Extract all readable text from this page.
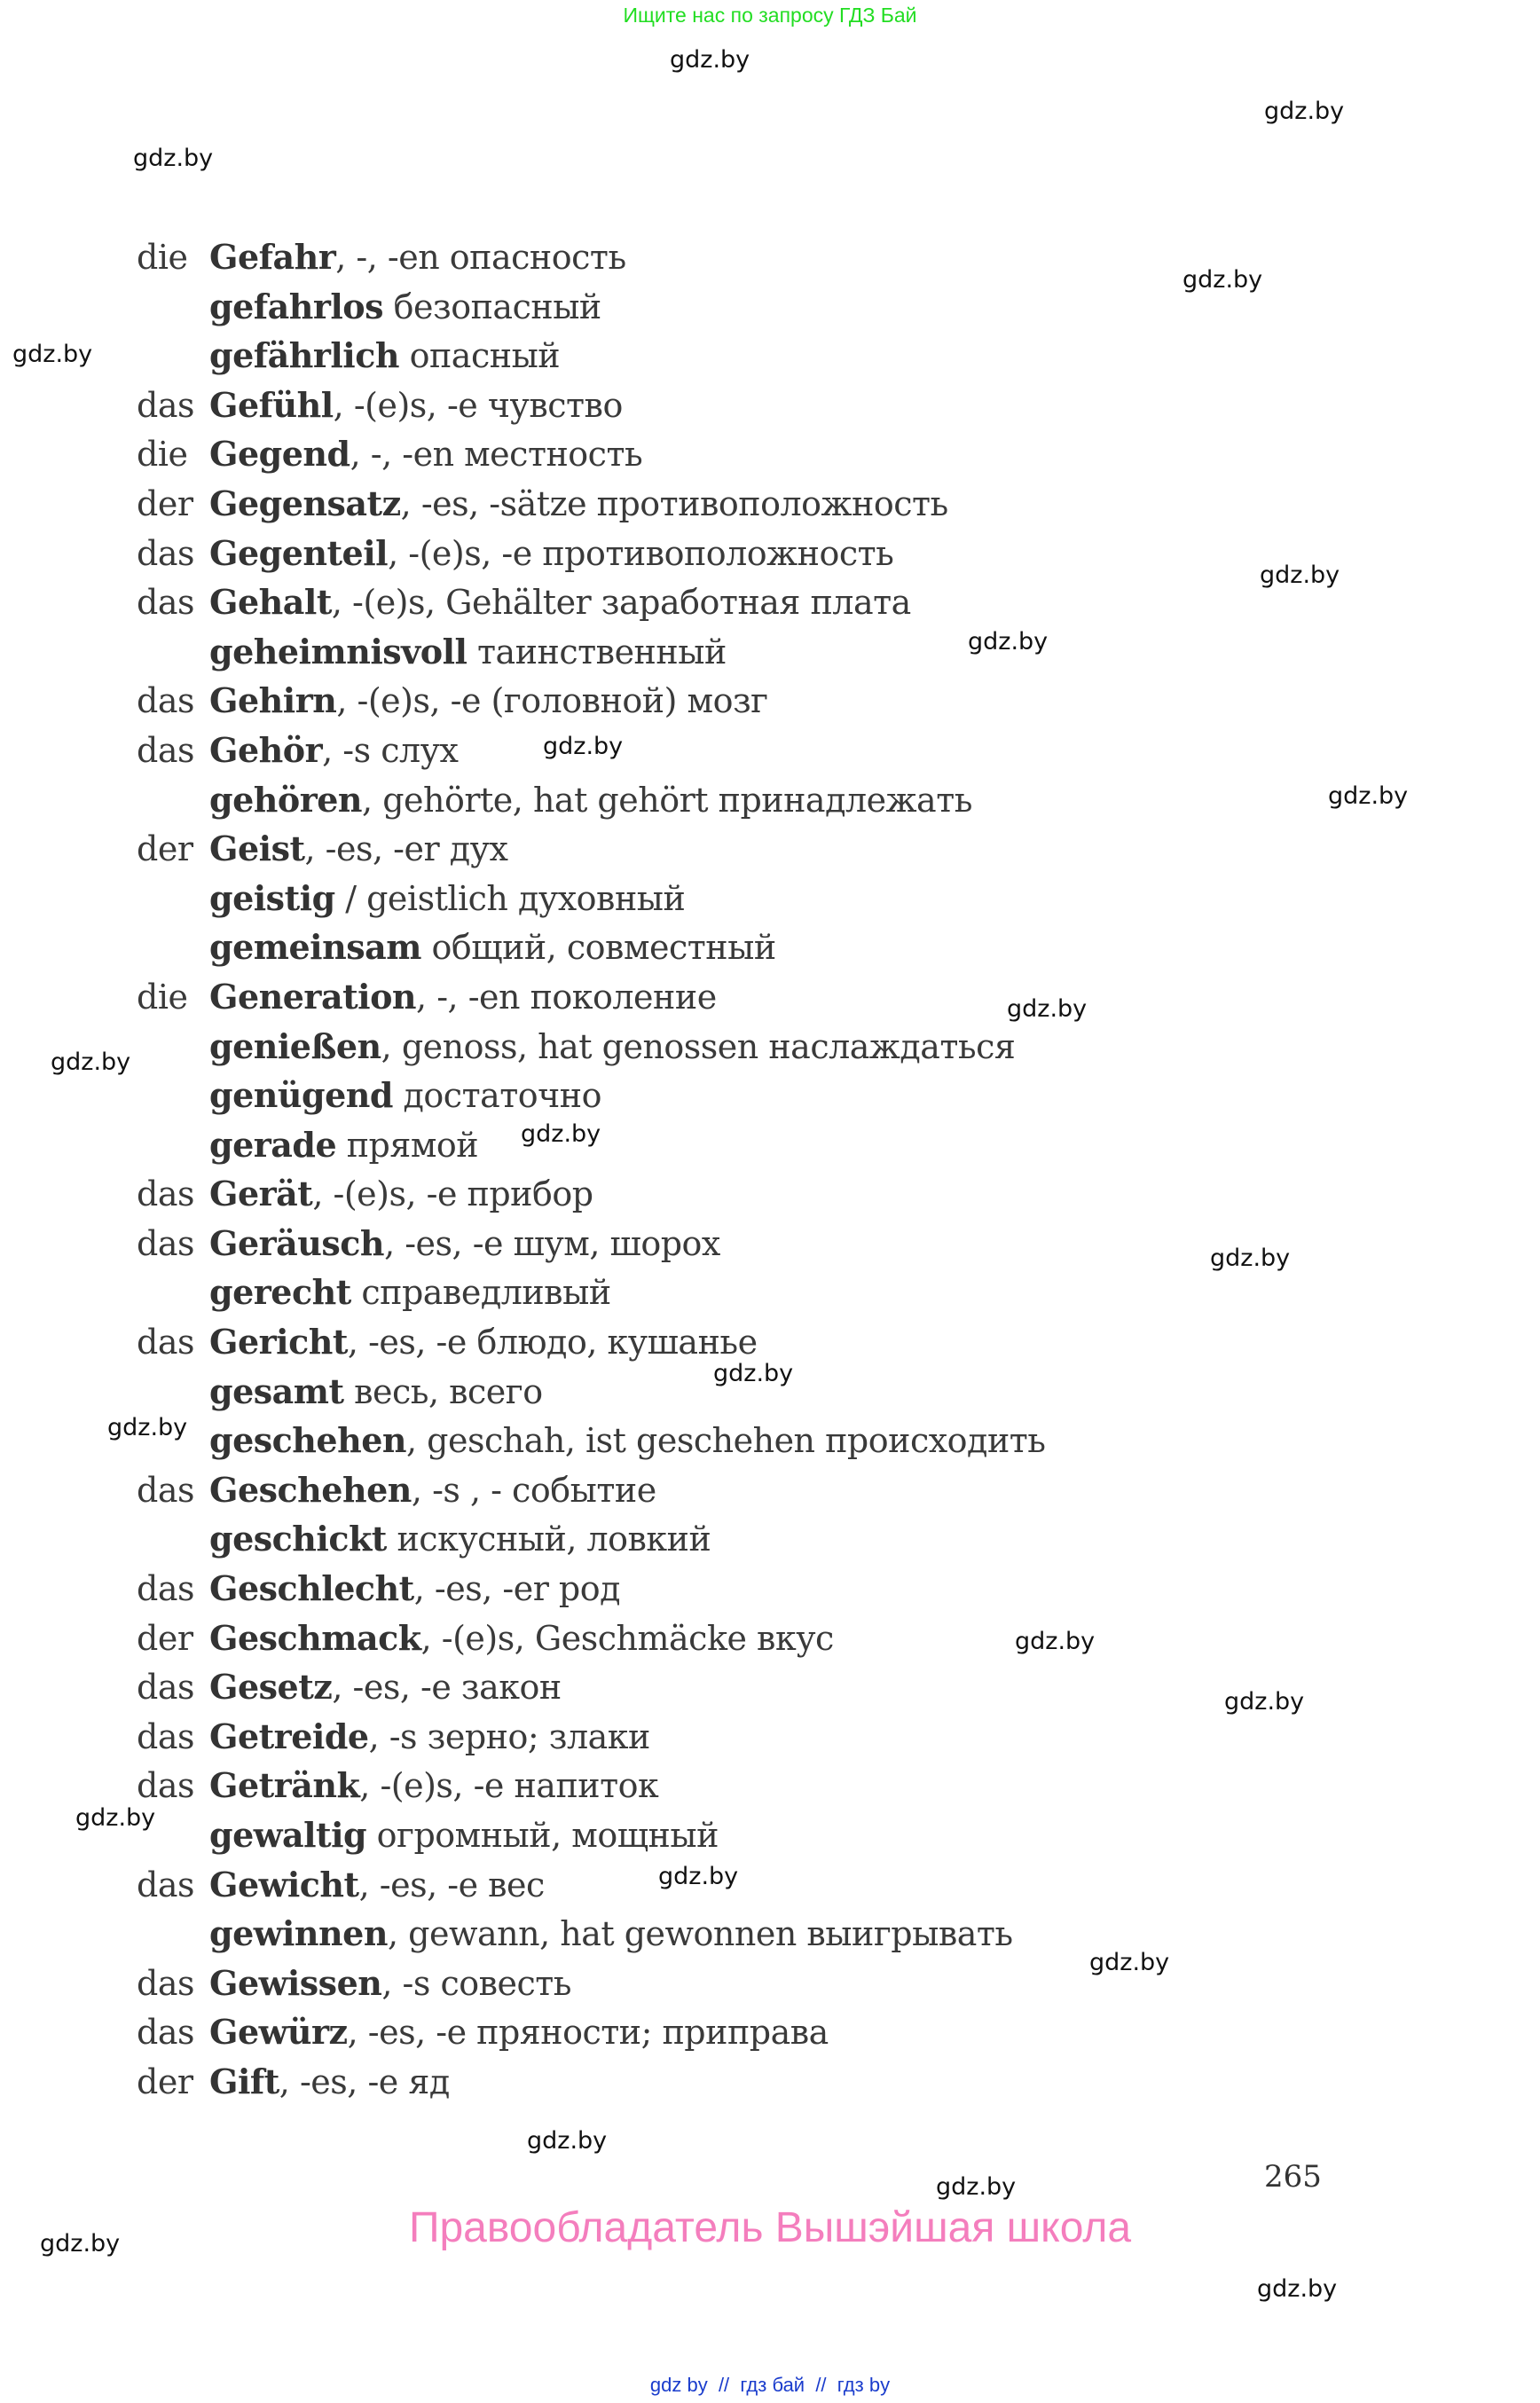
Ищите нас по запросу ГДЗ Бай
gdz.by
gdz.by
gdz.by
gdz.by
gdz.by
gdz.by
gdz.by
gdz.by
gdz.by
gdz.by
gdz.by
gdz.by
gdz.by
gdz.by
gdz.by
gdz.by
gdz.by
gdz.by
gdz.by
gdz.by
gdz.by
gdz.by
gdz.by
gdz.by
die Gefahr, -, -en опасность
gefahrlos безопасный
gefährlich опасный
das Gefühl, -(e)s, -e чувство
die Gegend, -, -en местность
der Gegensatz, -es, -sätze противоположность
das Gegenteil, -(e)s, -e противоположность
das Gehalt, -(e)s, Gehälter заработная плата
geheimnisvoll таинственный
das Gehirn, -(e)s, -e (головной) мозг
das Gehör, -s слух
gehören, gehörte, hat gehört принадлежать
der Geist, -es, -er дух
geistig / geistlich духовный
gemeinsam общий, совместный
die Generation, -, -en поколение
genießen, genoss, hat genossen наслаждаться
genügend достаточно
gerade прямой
das Gerät, -(e)s, -e прибор
das Geräusch, -es, -e шум, шорох
gerecht справедливый
das Gericht, -es, -e блюдо, кушанье
gesamt весь, всего
geschehen, geschah, ist geschehen происходить
das Geschehen, -s , - событие
geschickt искусный, ловкий
das Geschlecht, -es, -er род
der Geschmack, -(e)s, Geschmäcke вкус
das Gesetz, -es, -e закон
das Getreide, -s зерно; злаки
das Getränk, -(e)s, -e напиток
gewaltig огромный, мощный
das Gewicht, -es, -e вес
gewinnen, gewann, hat gewonnen выигрывать
das Gewissen, -s совесть
das Gewürz, -es, -e пряности; приправа
der Gift, -es, -e яд
265
Правообладатель Вышэйшая школа
gdz by  //  гдз бай  //  гдз by
